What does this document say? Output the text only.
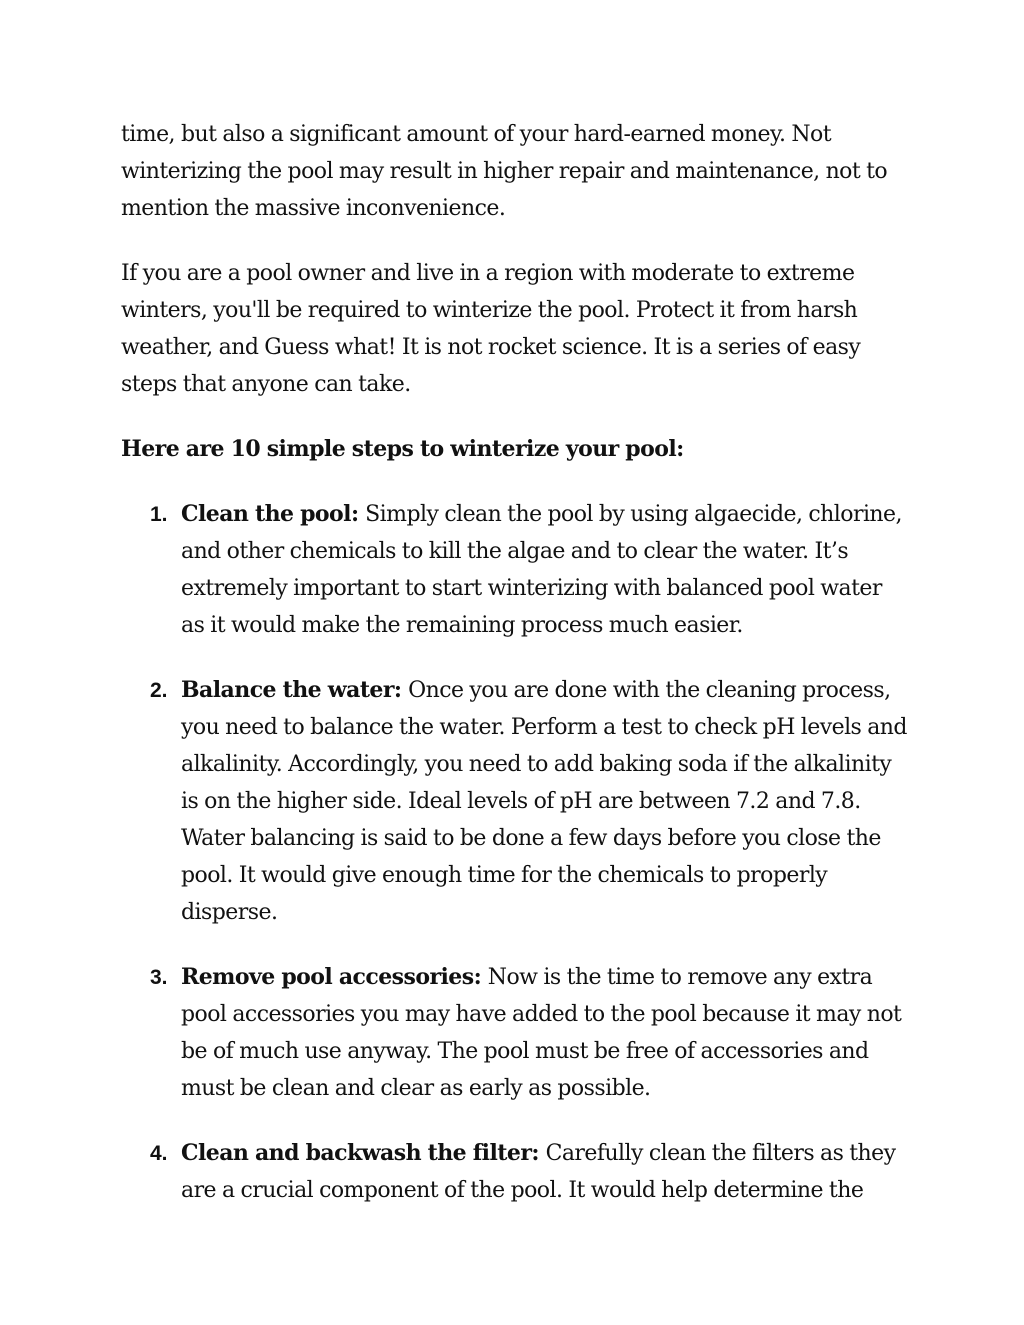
time, but also a significant amount of your hard-earned money. Not winterizing the pool may result in higher repair and maintenance, not to mention the massive inconvenience.

If you are a pool owner and live in a region with moderate to extreme winters, you'll be required to winterize the pool. Protect it from harsh weather, and Guess what! It is not rocket science. It is a series of easy steps that anyone can take.

Here are 10 simple steps to winterize your pool:

1. Clean the pool: Simply clean the pool by using algaecide, chlorine, and other chemicals to kill the algae and to clear the water. It’s extremely important to start winterizing with balanced pool water as it would make the remaining process much easier.
2. Balance the water: Once you are done with the cleaning process, you need to balance the water. Perform a test to check pH levels and alkalinity. Accordingly, you need to add baking soda if the alkalinity is on the higher side. Ideal levels of pH are between 7.2 and 7.8. Water balancing is said to be done a few days before you close the pool. It would give enough time for the chemicals to properly disperse.
3. Remove pool accessories: Now is the time to remove any extra pool accessories you may have added to the pool because it may not be of much use anyway. The pool must be free of accessories and must be clean and clear as early as possible.
4. Clean and backwash the filter: Carefully clean the filters as they are a crucial component of the pool. It would help determine the
